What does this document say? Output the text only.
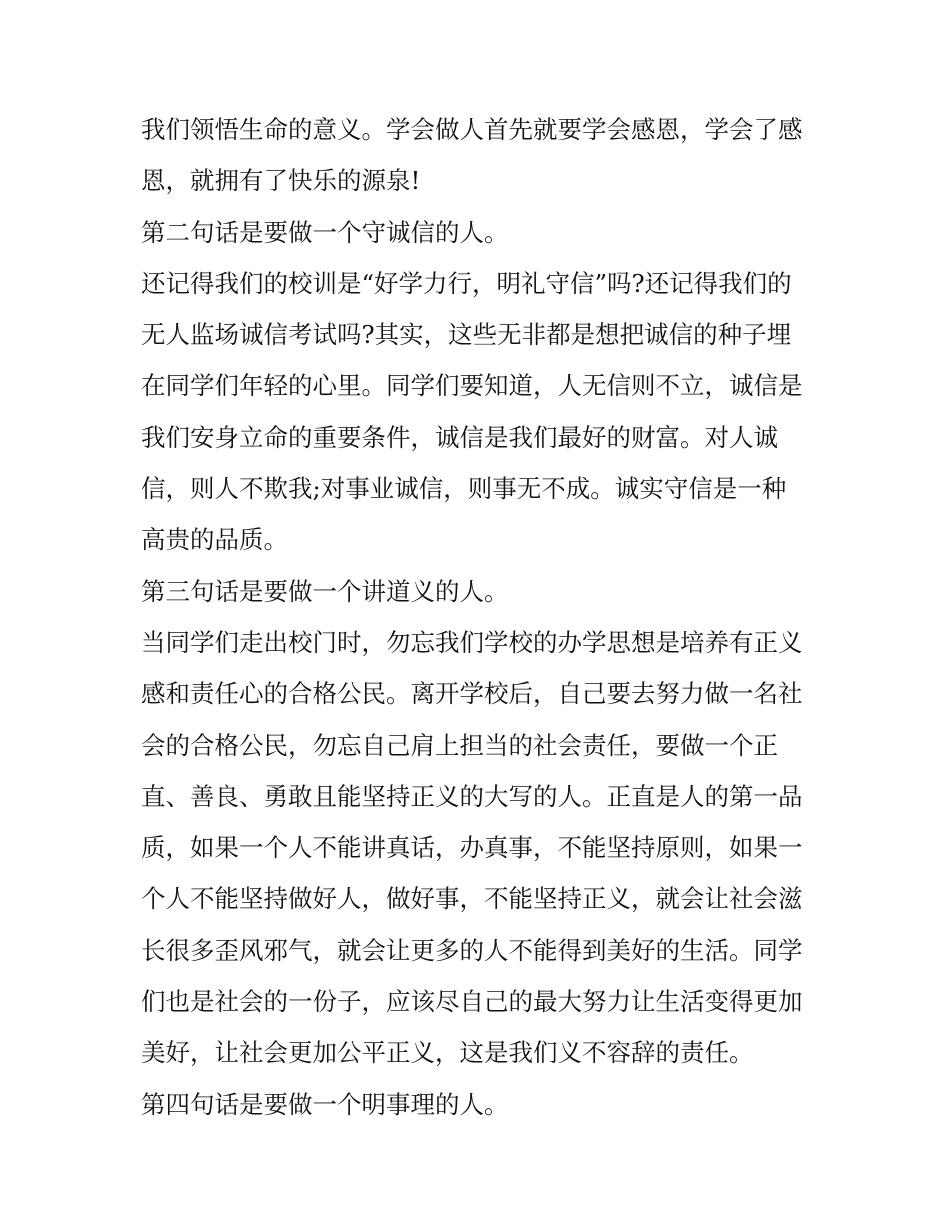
我们领悟生命的意义。学会做人首先就要学会感恩，学会了感
恩，就拥有了快乐的源泉!
第二句话是要做一个守诚信的人。
还记得我们的校训是“好学力行，明礼守信”吗?还记得我们的
无人监场诚信考试吗?其实，这些无非都是想把诚信的种子埋
在同学们年轻的心里。同学们要知道，人无信则不立，诚信是
我们安身立命的重要条件，诚信是我们最好的财富。对人诚
信，则人不欺我;对事业诚信，则事无不成。诚实守信是一种
高贵的品质。
第三句话是要做一个讲道义的人。
当同学们走出校门时，勿忘我们学校的办学思想是培养有正义
感和责任心的合格公民。离开学校后，自己要去努力做一名社
会的合格公民，勿忘自己肩上担当的社会责任，要做一个正
直、善良、勇敢且能坚持正义的大写的人。正直是人的第一品
质，如果一个人不能讲真话，办真事，不能坚持原则，如果一
个人不能坚持做好人，做好事，不能坚持正义，就会让社会滋
长很多歪风邪气，就会让更多的人不能得到美好的生活。同学
们也是社会的一份子，应该尽自己的最大努力让生活变得更加
美好，让社会更加公平正义，这是我们义不容辞的责任。
第四句话是要做一个明事理的人。
